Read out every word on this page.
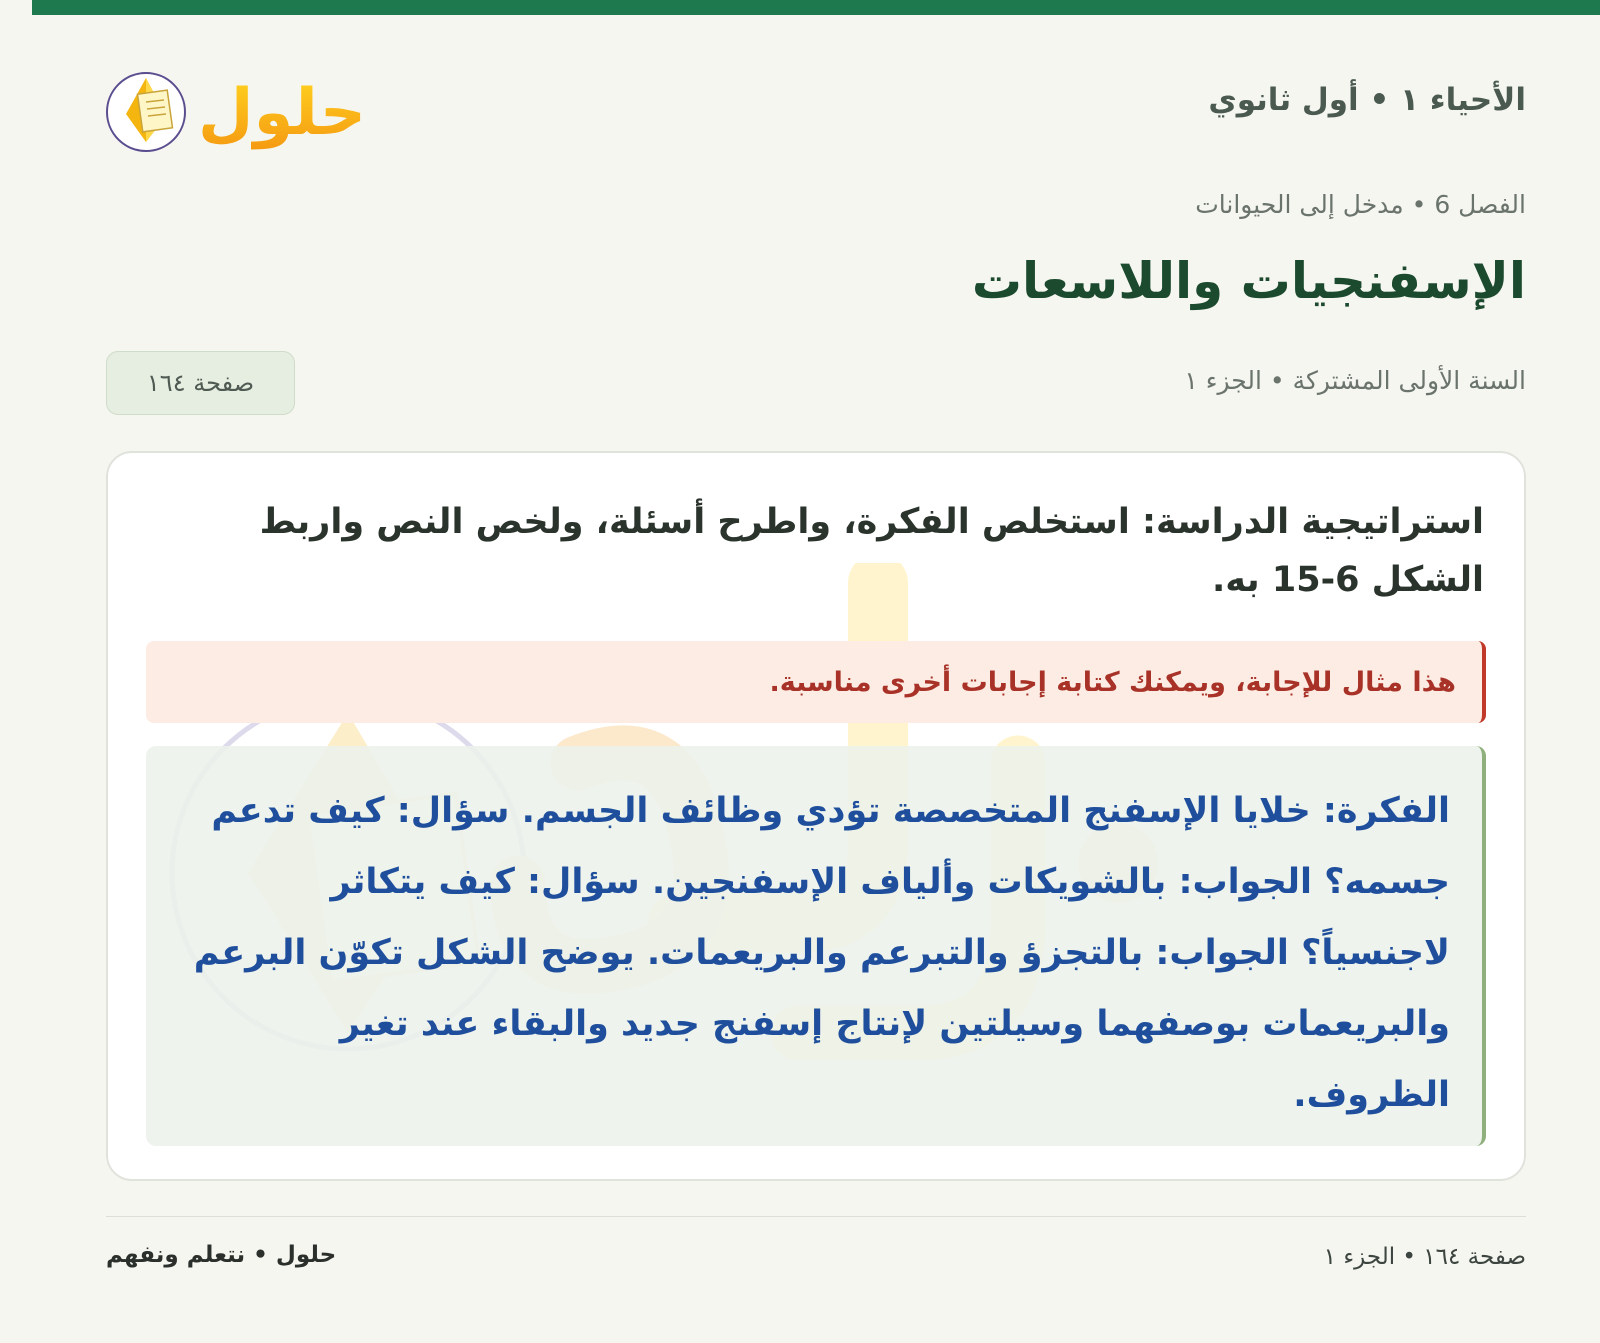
الأحياء ١ • أول ثانوي
حلول
الفصل 6 • مدخل إلى الحيوانات
الإسفنجيات واللاسعات
السنة الأولى المشتركة • الجزء ١
صفحة ١٦٤
استراتيجية الدراسة: استخلص الفكرة، واطرح أسئلة، ولخص النص واربط الشكل 6-15 به.
هذا مثال للإجابة، ويمكنك كتابة إجابات أخرى مناسبة.
الفكرة: خلايا الإسفنج المتخصصة تؤدي وظائف الجسم. سؤال: كيف تدعم جسمه؟ الجواب: بالشويكات وألياف الإسفنجين. سؤال: كيف يتكاثر لاجنسياً؟ الجواب: بالتجزؤ والتبرعم والبريعمات. يوضح الشكل تكوّن البرعم والبريعمات بوصفهما وسيلتين لإنتاج إسفنج جديد والبقاء عند تغير الظروف.
صفحة ١٦٤ • الجزء ١
حلول • نتعلم ونفهم
